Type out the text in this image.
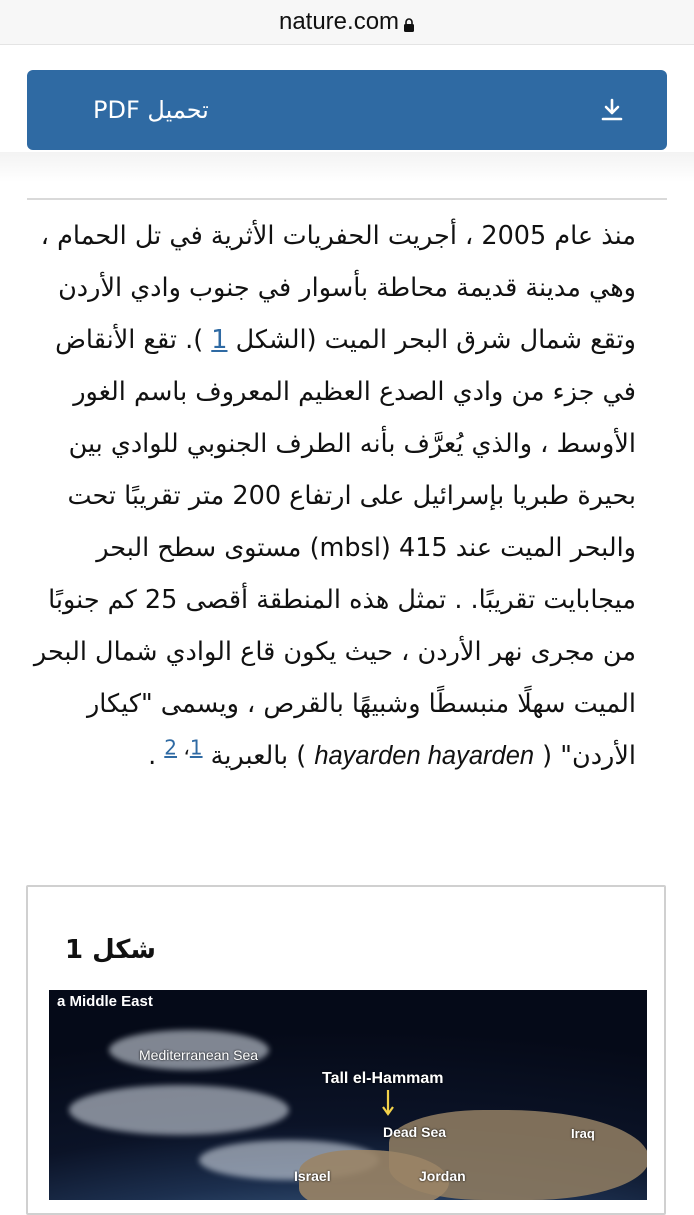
nature.com
تحميل PDF
منذ عام 2005 ، أجريت الحفريات الأثرية في تل الحمام ، وهي مدينة قديمة محاطة بأسوار في جنوب وادي الأردن وتقع شمال شرق البحر الميت (الشكل 1 ). تقع الأنقاض في جزء من وادي الصدع العظيم المعروف باسم الغور الأوسط ، والذي يُعرَّف بأنه الطرف الجنوبي للوادي بين بحيرة طبريا بإسرائيل على ارتفاع 200 متر تقريبًا تحت والبحر الميت عند 415 (mbsl) مستوى سطح البحر ميجابايت تقريبًا. . تمثل هذه المنطقة أقصى 25 كم جنوبًا من مجرى نهر الأردن ، حيث يكون قاع الوادي شمال البحر الميت سهلًا منبسطًا وشبيهًا بالقرص ، ويسمى "كيكار الأردن" ( hayarden hayarden ) بالعبرية $^{1، 2}$ .
شكل 1
a Middle East
Mediterranean Sea
Tall el-Hammam
Dead Sea	Iraq
Israel	Jordan
